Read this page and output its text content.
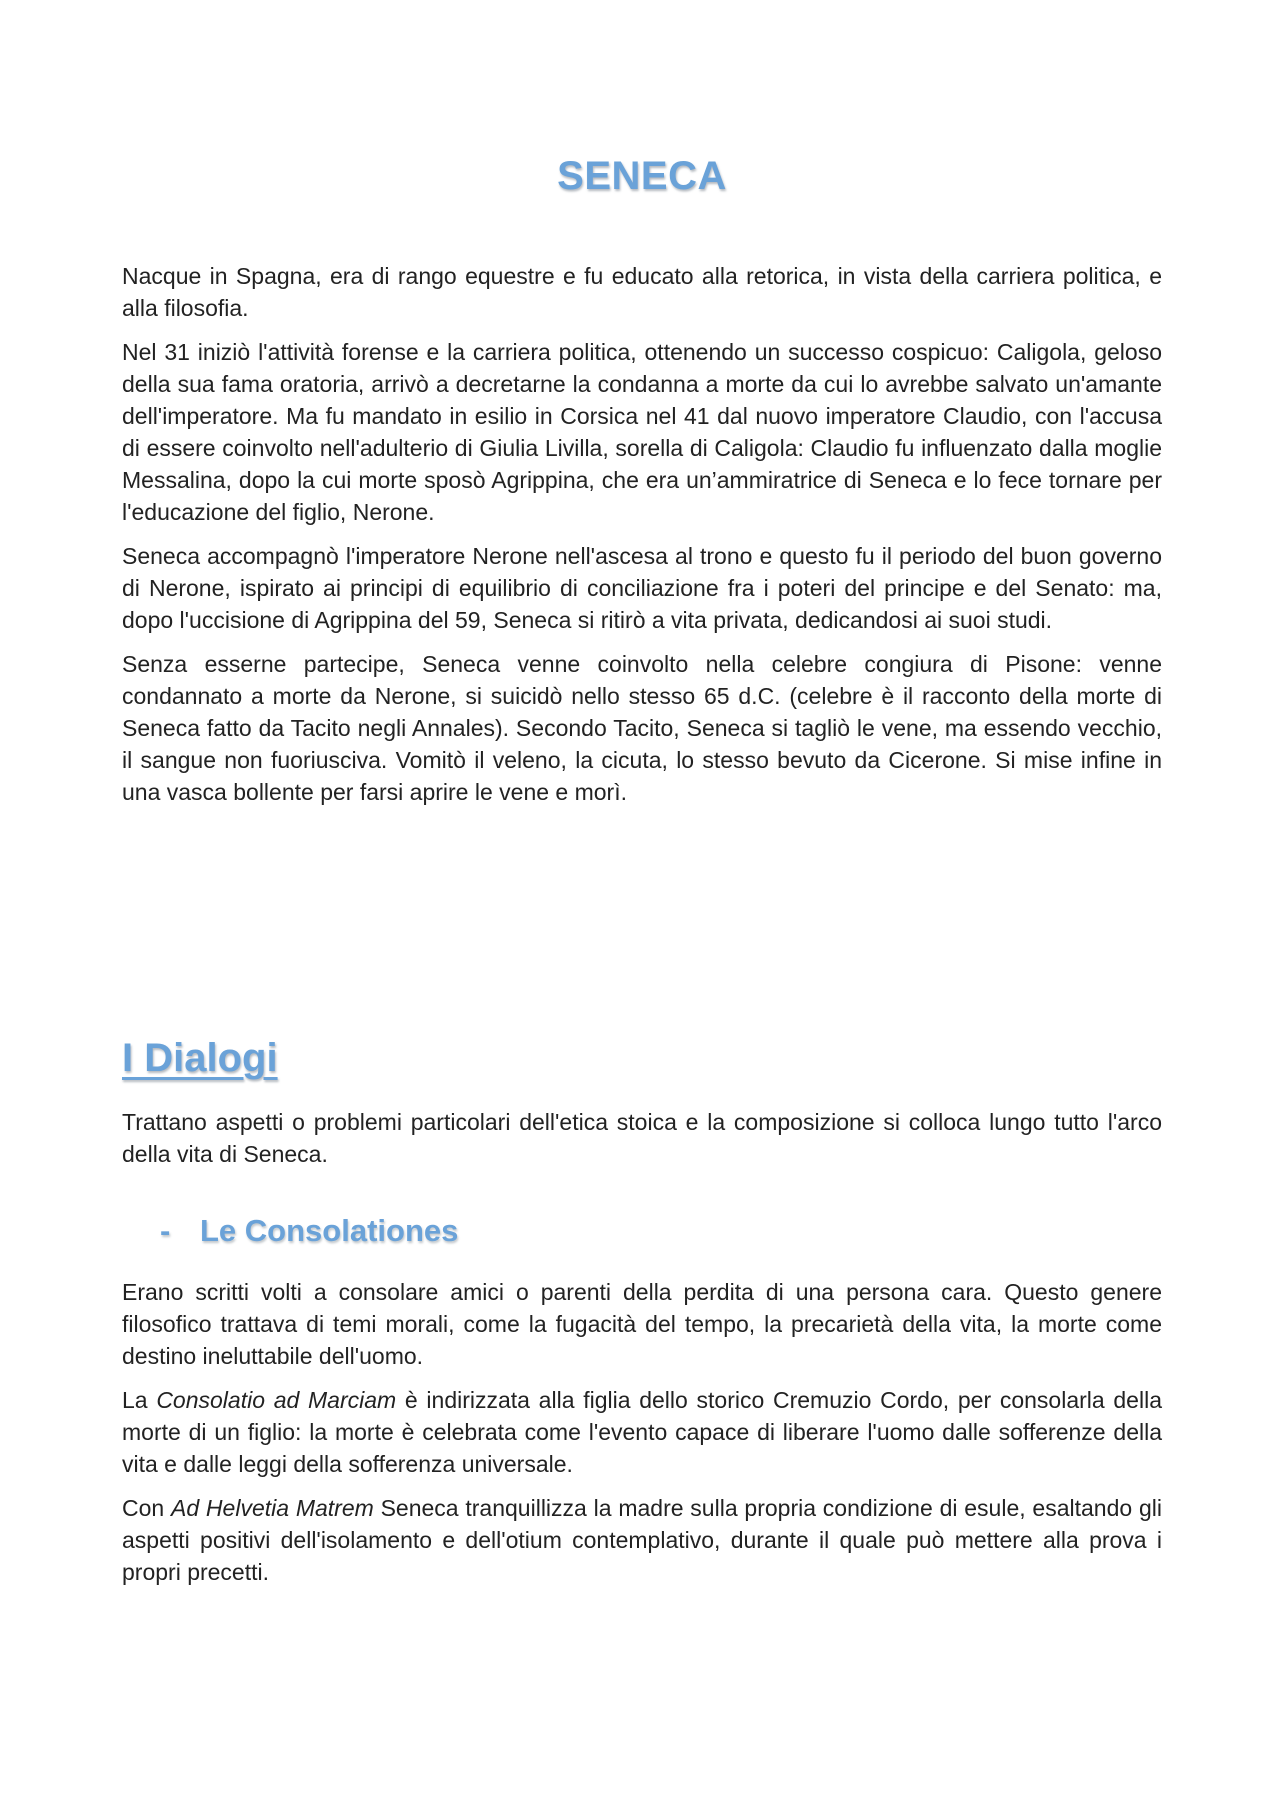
SENECA

Nacque in Spagna, era di rango equestre e fu educato alla retorica, in vista della carriera politica, e alla filosofia.

Nel 31 iniziò l'attività forense e la carriera politica, ottenendo un successo cospicuo: Caligola, geloso della sua fama oratoria, arrivò a decretarne la condanna a morte da cui lo avrebbe salvato un'amante dell'imperatore. Ma fu mandato in esilio in Corsica nel 41 dal nuovo imperatore Claudio, con l'accusa di essere coinvolto nell'adulterio di Giulia Livilla, sorella di Caligola: Claudio fu influenzato dalla moglie Messalina, dopo la cui morte sposò Agrippina, che era un’ammiratrice di Seneca e lo fece tornare per l'educazione del figlio, Nerone.

Seneca accompagnò l'imperatore Nerone nell'ascesa al trono e questo fu il periodo del buon governo di Nerone, ispirato ai principi di equilibrio di conciliazione fra i poteri del principe e del Senato: ma, dopo l'uccisione di Agrippina del 59, Seneca si ritirò a vita privata, dedicandosi ai suoi studi.

Senza esserne partecipe, Seneca venne coinvolto nella celebre congiura di Pisone: venne condannato a morte da Nerone, si suicidò nello stesso 65 d.C. (celebre è il racconto della morte di Seneca fatto da Tacito negli Annales). Secondo Tacito, Seneca si tagliò le vene, ma essendo vecchio, il sangue non fuoriusciva. Vomitò il veleno, la cicuta, lo stesso bevuto da Cicerone. Si mise infine in una vasca bollente per farsi aprire le vene e morì.

I Dialogi

Trattano aspetti o problemi particolari dell'etica stoica e la composizione si colloca lungo tutto l'arco della vita di Seneca.

- Le Consolationes

Erano scritti volti a consolare amici o parenti della perdita di una persona cara. Questo genere filosofico trattava di temi morali, come la fugacità del tempo, la precarietà della vita, la morte come destino ineluttabile dell'uomo.

La Consolatio ad Marciam è indirizzata alla figlia dello storico Cremuzio Cordo, per consolarla della morte di un figlio: la morte è celebrata come l'evento capace di liberare l'uomo dalle sofferenze della vita e dalle leggi della sofferenza universale.

Con Ad Helvetia Matrem Seneca tranquillizza la madre sulla propria condizione di esule, esaltando gli aspetti positivi dell'isolamento e dell'otium contemplativo, durante il quale può mettere alla prova i propri precetti.
